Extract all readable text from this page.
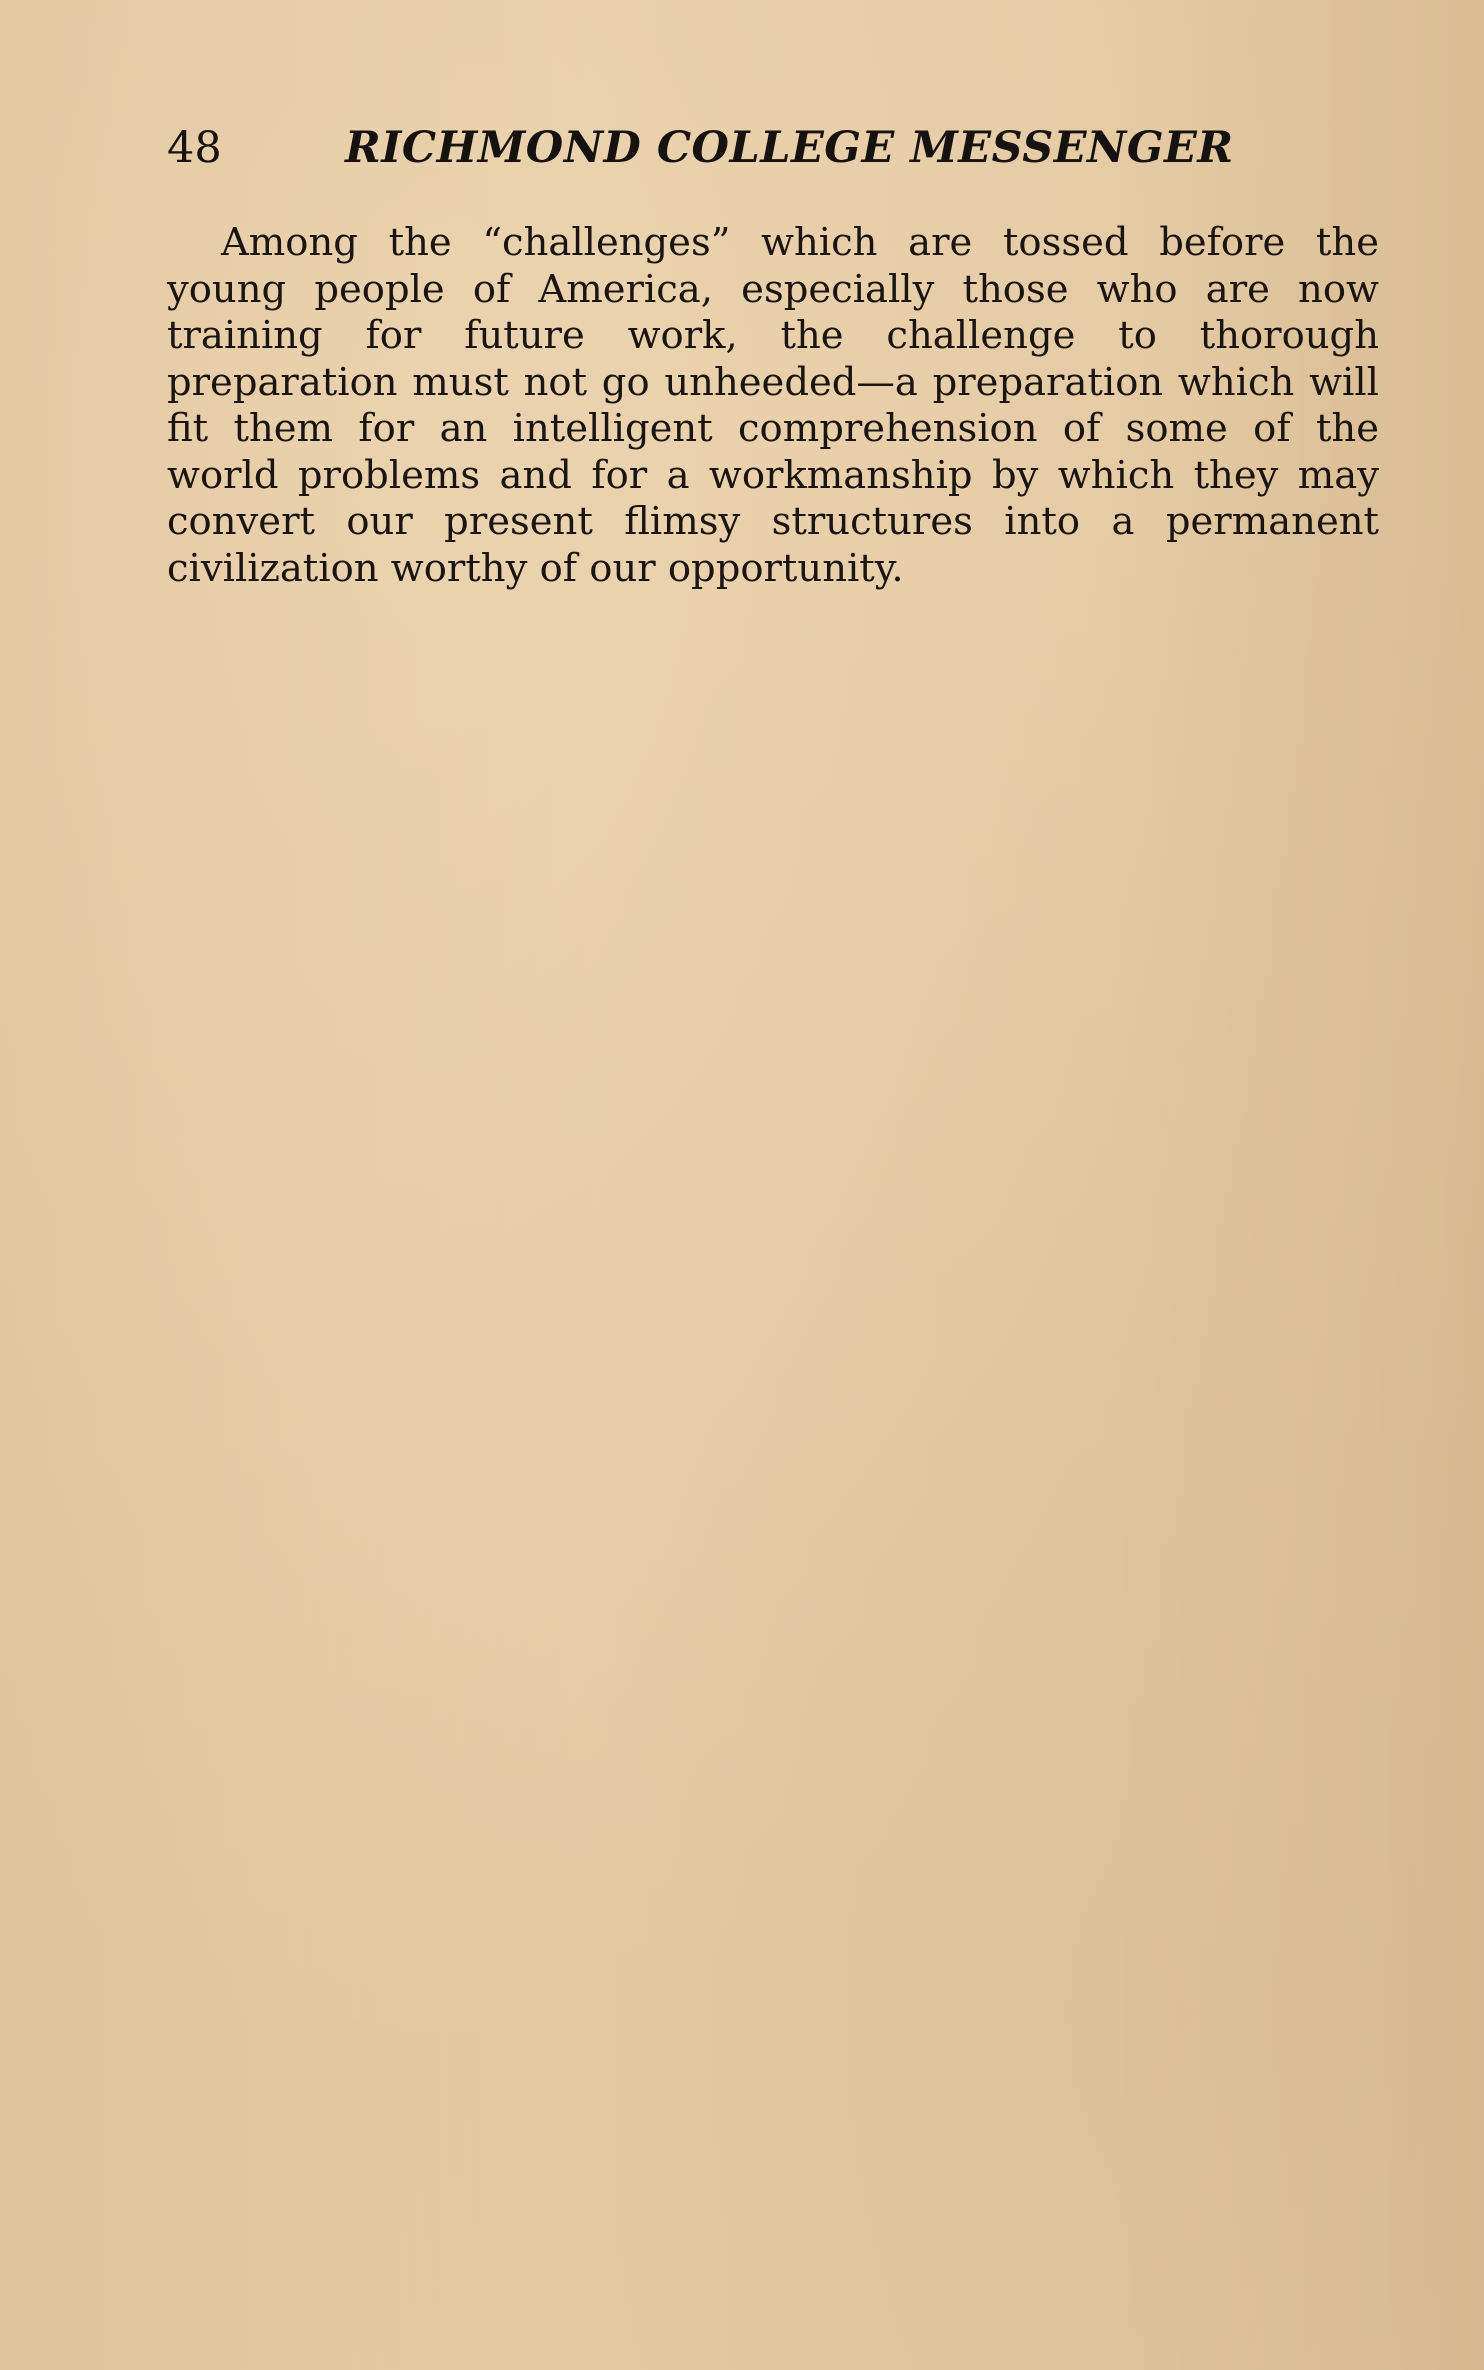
48	RICHMOND COLLEGE MESSENGER

Among the “challenges” which are tossed before the young people of America, especially those who are now training for future work, the challenge to thorough preparation must not go unheeded—a preparation which will fit them for an intelligent comprehension of some of the world problems and for a workmanship by which they may convert our present flimsy structures into a permanent civilization worthy of our opportunity.
